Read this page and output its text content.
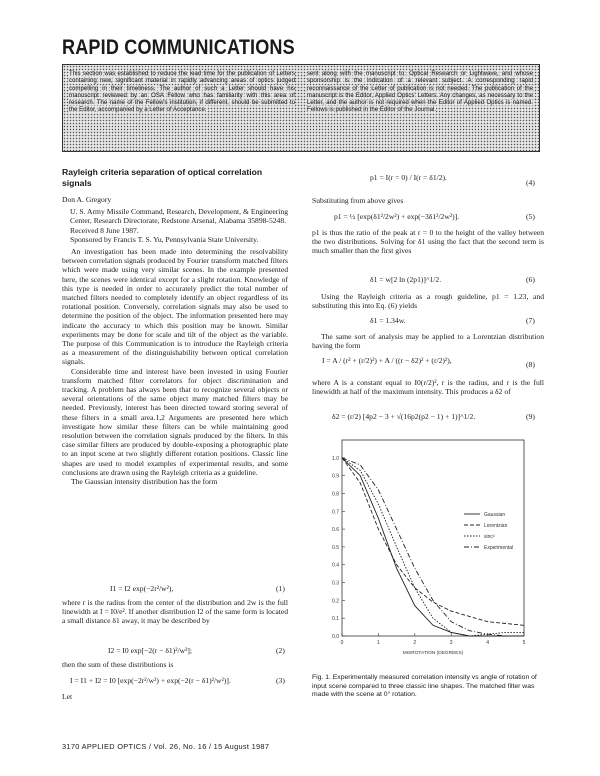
RAPID COMMUNICATIONS
This section was established to reduce the lead time for the publication of Letters containing new, significant material in rapidly advancing areas of optics judged compelling in their timeliness. The author of such a Letter should have his manuscript reviewed by an OSA Fellow who has familiarity with this area of research. The name of the Fellow's institution, if different, should be submitted to the Editor, accompanied by a Letter of Acceptance.
sent along with the manuscript to: Optical Research or Lightwave, and whose sponsorship is the indication of a relevant subject. A corresponding rapid reconnaissance of the Letter of publication is not needed. The publication of the manuscript is the Editor, Applied Optics' Letters. Any changes, as necessary to the Letter, and the author is not required when the Editor of Applied Optics is named. Fellows is published in the Editor of the Journal.
Rayleigh criteria separation of optical correlation signals
Don A. Gregory
U. S. Army Missile Command, Research, Development, & Engineering Center, Research Directorate, Redstone Arsenal, Alabama 35898-5248.
Received 8 June 1987.
Sponsored by Francis T. S. Yu, Pennsylvania State University.

An investigation has been made into determining the resolvability between correlation signals produced by Fourier transform matched filters which were made using very similar scenes. In the example presented here, the scenes were identical except for a slight rotation. Knowledge of this type is needed in order to accurately predict the total number of matched filters needed to completely identify an object regardless of its rotational position. Conversely, correlation signals may also be used to determine the position of the object. The information presented here may indicate the accuracy to which this position may be known. Similar experiments may be done for scale and tilt of the object as the variable. The purpose of this Communication is to introduce the Rayleigh criteria as a measurement of the distinguishability between optical correlation signals.

Considerable time and interest have been invested in using Fourier transform matched filter correlators for object discrimination and tracking. A problem has always been that to recognize several objects or several orientations of the same object many matched filters may be needed. Previously, interest has been directed toward storing several of these filters in a small area.1,2 Arguments are presented here which investigate how similar these filters can be while maintaining good resolution between the correlation signals produced by the filters. In this case similar filters are produced by double-exposing a photographic plate to an input scene at two slightly different rotation positions. Classic line shapes are used to model examples of experimental results, and some conclusions are drawn using the Rayleigh criteria as a guideline.

The Gaussian intensity distribution has the form

I1 = I2 exp(−2r²/w²),	(1)

where r is the radius from the center of the distribution and 2w is the full linewidth at I = I0/e². If another distribution I2 of the same form is located a small distance δ1 away, it may be described by

I2 = I0 exp[−2(r − δ1)²/w²];	(2)

then the sum of these distributions is

I = I1 + I2 = I0 [exp(−2r²/w²) + exp(−2(r − δ1)²/w²)].	(3)
Let
p1 = I(r = 0) / I(r = δ1/2).
(4)

Substituting from above gives

p1 = ½ [exp(δ1²/2w²) + exp(−3δ1²/2w²)].	(5)

p1 is thus the ratio of the peak at r = 0 to the height of the valley between the two distributions. Solving for δ1 using the fact that the second term is much smaller than the first gives

δ1 = w[2 ln (2p1)]^1/2.	(6)

Using the Rayleigh criteria as a rough guideline, p1 = 1.23, and substituting this into Eq. (6) yields

δ1 = 1.34w.	(7)

The same sort of analysis may be applied to a Lorentzian distribution having the form

I = A / (r² + (r/2)²) + A / ((r − δ2)² + (r/2)²),	(8)

where A is a constant equal to I0(r/2)², r is the radius, and r is the full linewidth at half of the maximum intensity. This produces a δ2 of

δ2 = (r/2) [4p2 − 3 + √(16p2(p2 − 1) + 1)]^1/2.	(9)
0.0
0.1
0.2
0.3
0.4
0.5
0.6
0.7
0.8
0.9
1.0
0	1	2	3	4	5
MISROTATION (DEGREES)
Gaussian
Lorentzian
sinc²
Experimental
Fig. 1. Experimentally measured correlation intensity vs angle of rotation of input scene compared to three classic line shapes. The matched filter was made with the scene at 0° rotation.
3170 APPLIED OPTICS / Vol. 26, No. 16 / 15 August 1987
